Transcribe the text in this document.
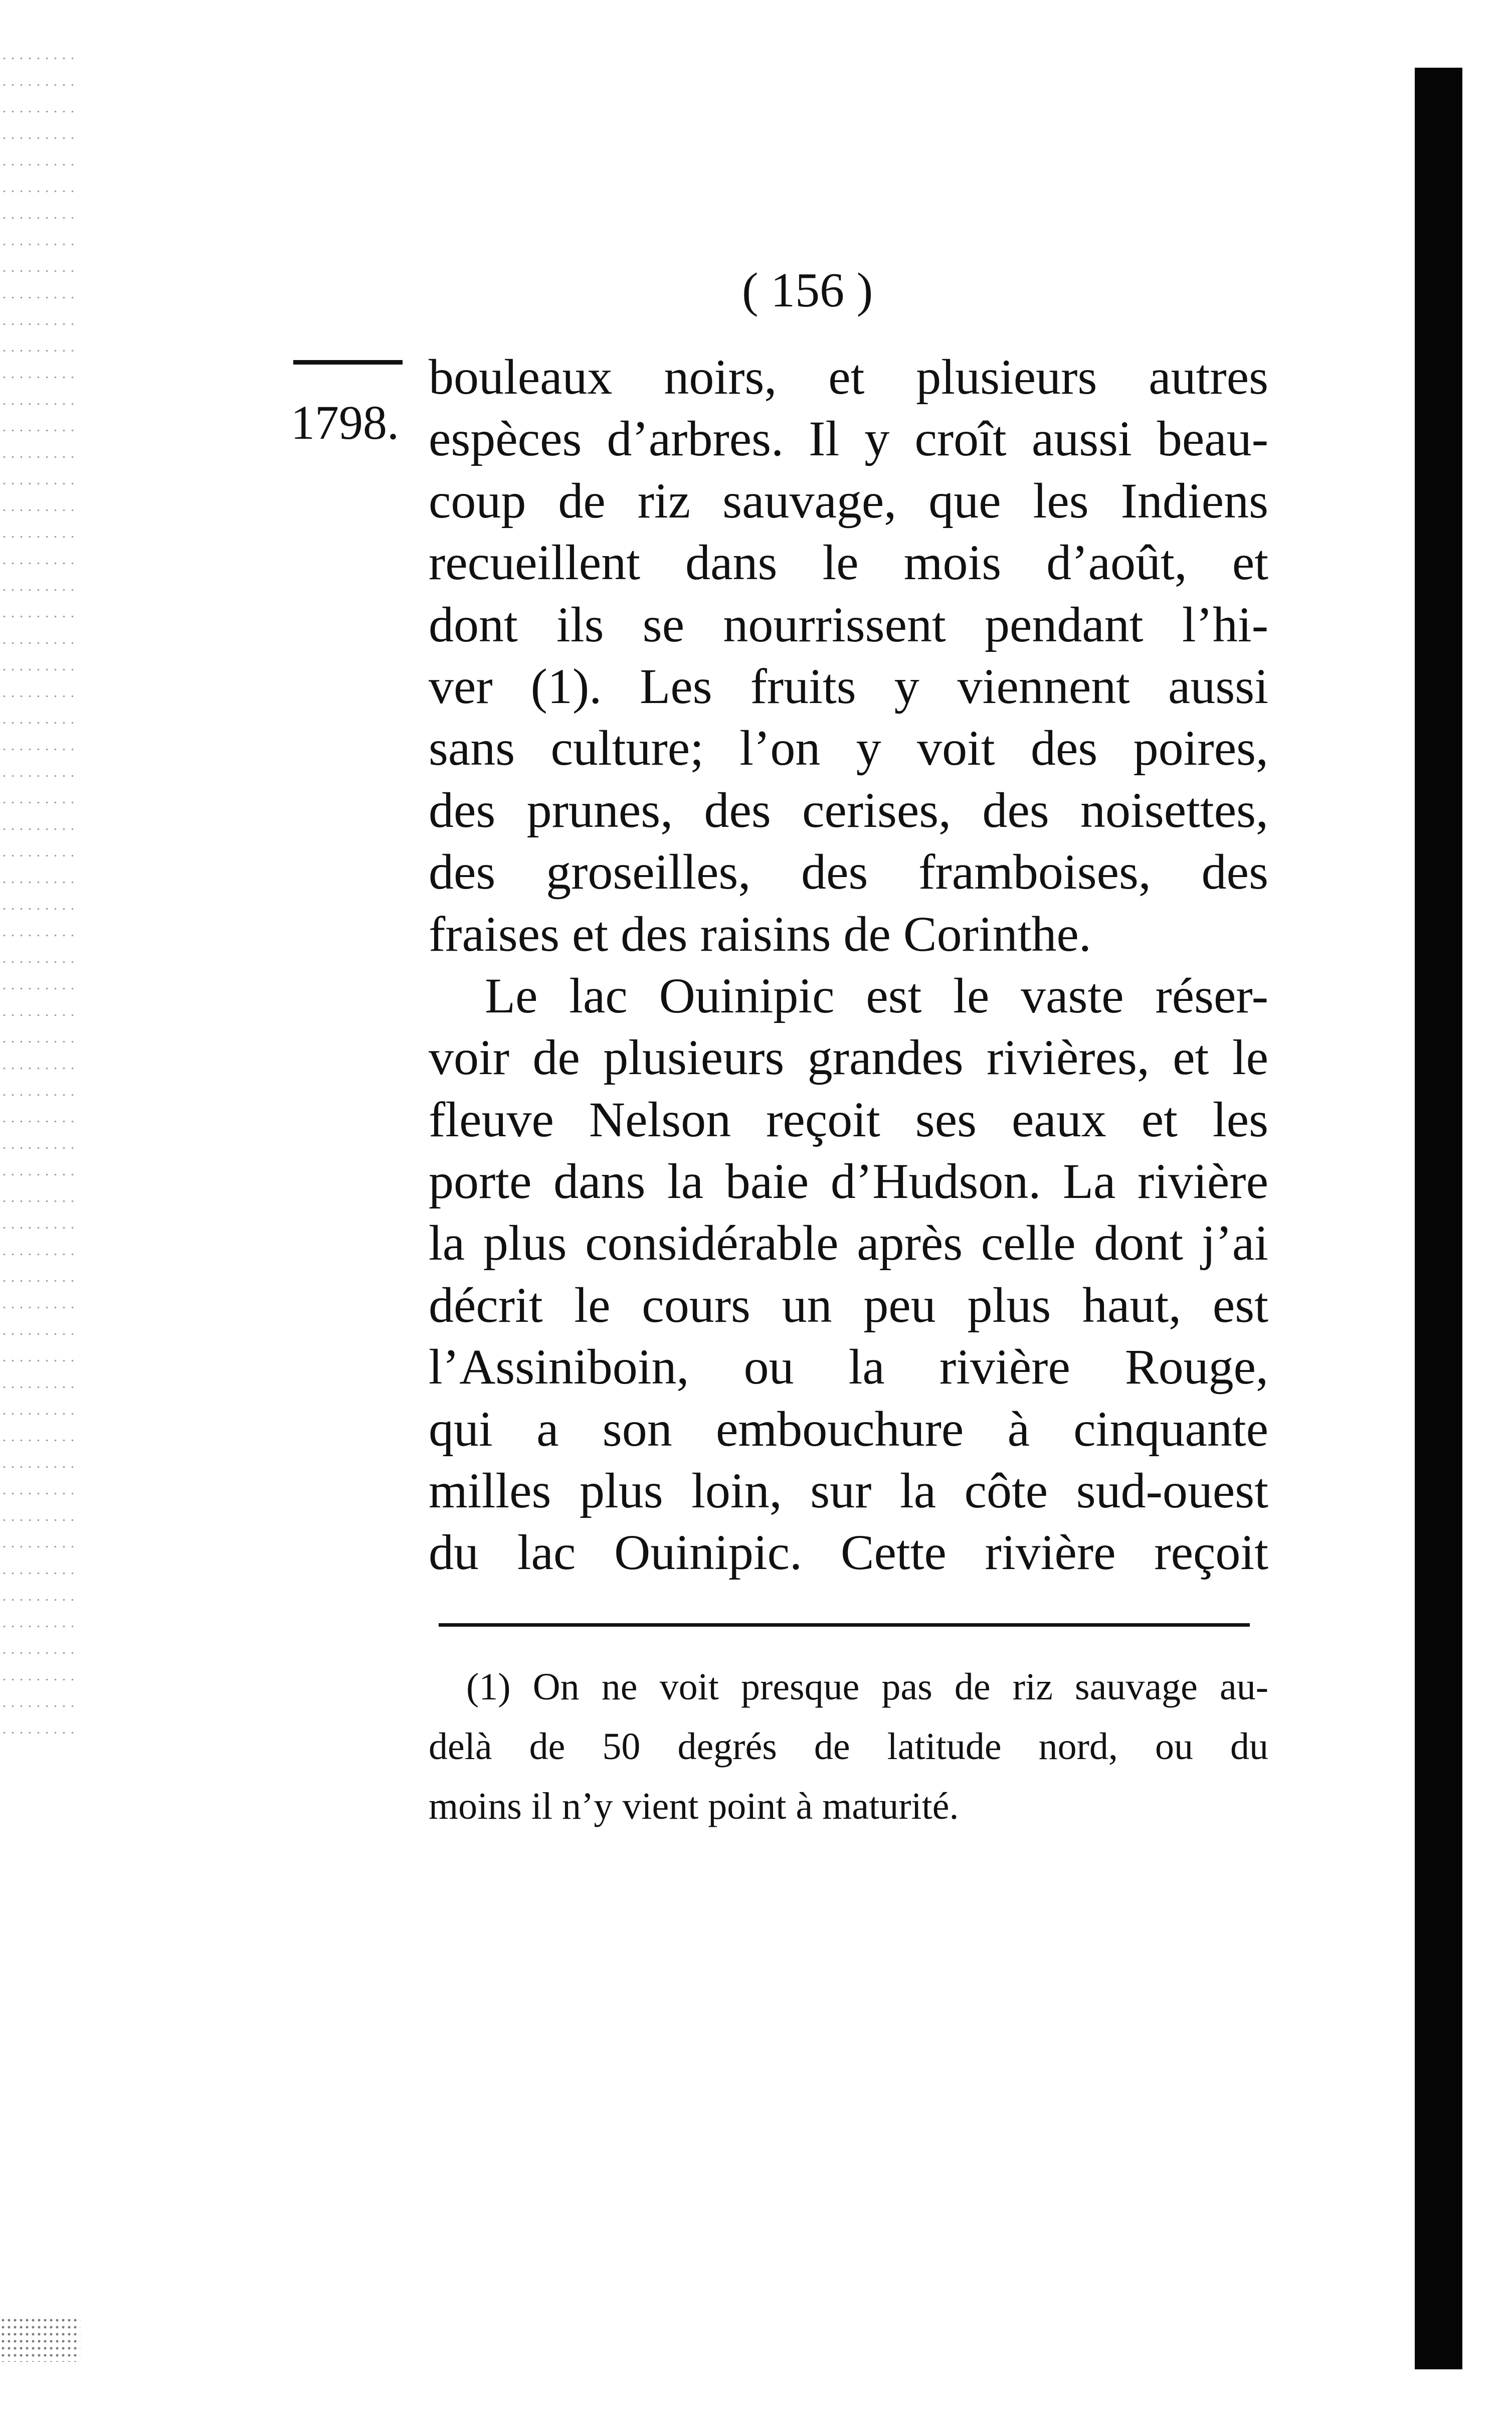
( 156 )
1798.
bouleaux noirs, et plusieurs autres
espèces d’arbres. Il y croît aussi beau-
coup de riz sauvage, que les Indiens
recueillent dans le mois d’août, et
dont ils se nourrissent pendant l’hi-
ver (1). Les fruits y viennent aussi
sans culture; l’on y voit des poires,
des prunes, des cerises, des noisettes,
des groseilles, des framboises, des
fraises et des raisins de Corinthe.
Le lac Ouinipic est le vaste réser-
voir de plusieurs grandes rivières, et le
fleuve Nelson reçoit ses eaux et les
porte dans la baie d’Hudson. La rivière
la plus considérable après celle dont j’ai
décrit le cours un peu plus haut, est
l’Assiniboin, ou la rivière Rouge,
qui a son embouchure à cinquante
milles plus loin, sur la côte sud-ouest
du lac Ouinipic. Cette rivière reçoit
(1) On ne voit presque pas de riz sauvage au-
delà de 50 degrés de latitude nord, ou du
moins il n’y vient point à maturité.
